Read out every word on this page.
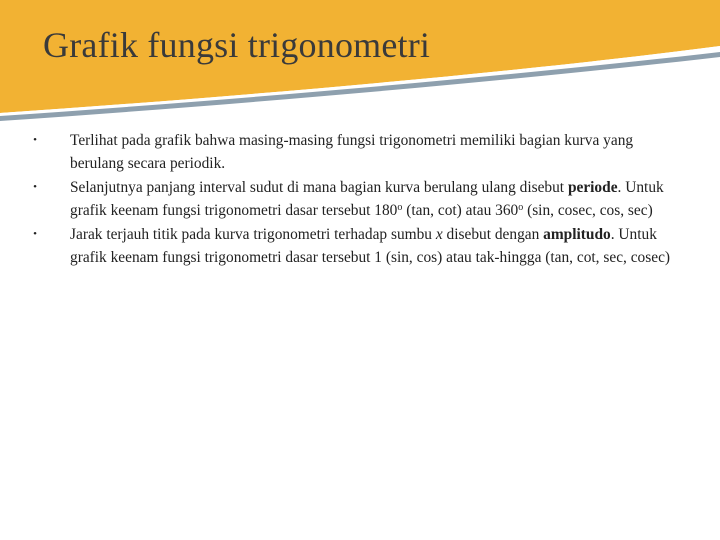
Grafik fungsi trigonometri
•	Terlihat pada grafik bahwa masing-masing fungsi trigonometri memiliki bagian kurva yang berulang secara periodik.
•	Selanjutnya panjang interval sudut di mana bagian kurva berulang ulang disebut periode. Untuk grafik keenam fungsi trigonometri dasar tersebut 180$^o$ (tan, cot) atau 360$^o$ (sin, cosec, cos, sec)
•	Jarak terjauh titik pada kurva trigonometri terhadap sumbu x disebut dengan amplitudo. Untuk grafik keenam fungsi trigonometri dasar tersebut 1 (sin, cos) atau tak-hingga (tan, cot, sec, cosec)
